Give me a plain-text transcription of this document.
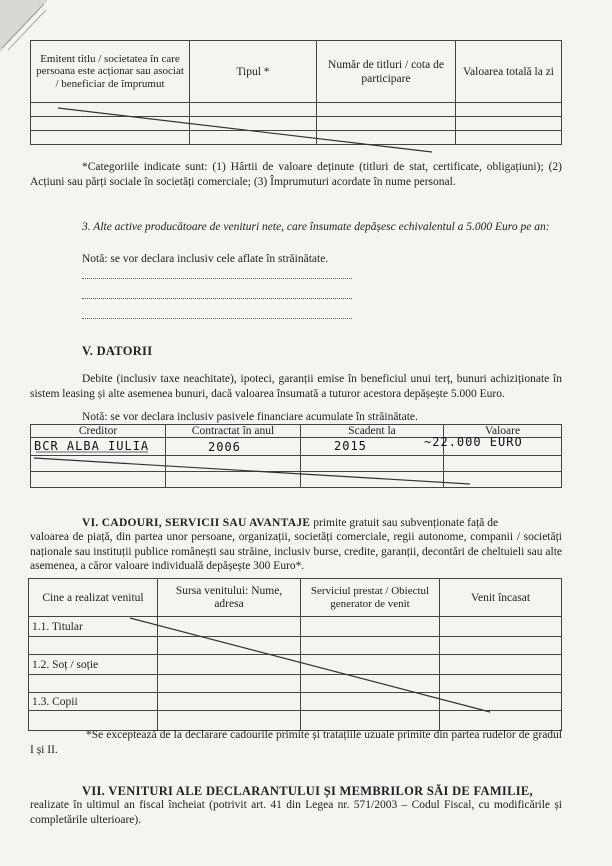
Emitent titlu / societatea în care persoana este acționar sau asociat / beneficiar de împrumut	Tipul *	Număr de titluri / cota de participare	Valoarea totală la zi

*Categoriile indicate sunt: (1) Hârtii de valoare deținute (titluri de stat, certificate, obligațiuni); (2) Acțiuni sau părți sociale în societăți comerciale; (3) Împrumuturi acordate în nume personal.
3. Alte active producătoare de venituri nete, care însumate depășesc echivalentul a 5.000 Euro pe an:
Notă: se vor declara inclusiv cele aflate în străinătate.
V. DATORII
Debite (inclusiv taxe neachitate), ipoteci, garanții emise în beneficiul unui terț, bunuri achiziționate în sistem leasing și alte asemenea bunuri, dacă valoarea însumată a tuturor acestora depășește 5.000 Euro.
Notă: se vor declara inclusiv pasivele financiare acumulate în străinătate.
Creditor	Contractat în anul	Scadent la	Valoare

BCR ALBA IULIA	2006	2015	~22.000 EURO
VI. CADOURI, SERVICII SAU AVANTAJE primite gratuit sau subvenționate față de
valoarea de piață, din partea unor persoane, organizații, societăți comerciale, regii autonome, companii / societăți naționale sau instituții publice românești sau străine, inclusiv burse, credite, garanții, decontări de cheltuieli sau alte asemenea, a căror valoare individuală depășește 300 Euro*.
Cine a realizat venitul	Sursa venitului: Nume, adresa	Serviciul prestat / Obiectul generator de venit	Venit încasat
1.1. Titular			

1.2. Soț / soție			

1.3. Copii			

*Se exceptează de la declarare cadourile primite și tratațiile uzuale primite din partea rudelor de gradul I și II.
VII. VENITURI ALE DECLARANTULUI ȘI MEMBRILOR SĂI DE FAMILIE,
realizate în ultimul an fiscal încheiat (potrivit art. 41 din Legea nr. 571/2003 – Codul Fiscal, cu modificările și completările ulterioare).
